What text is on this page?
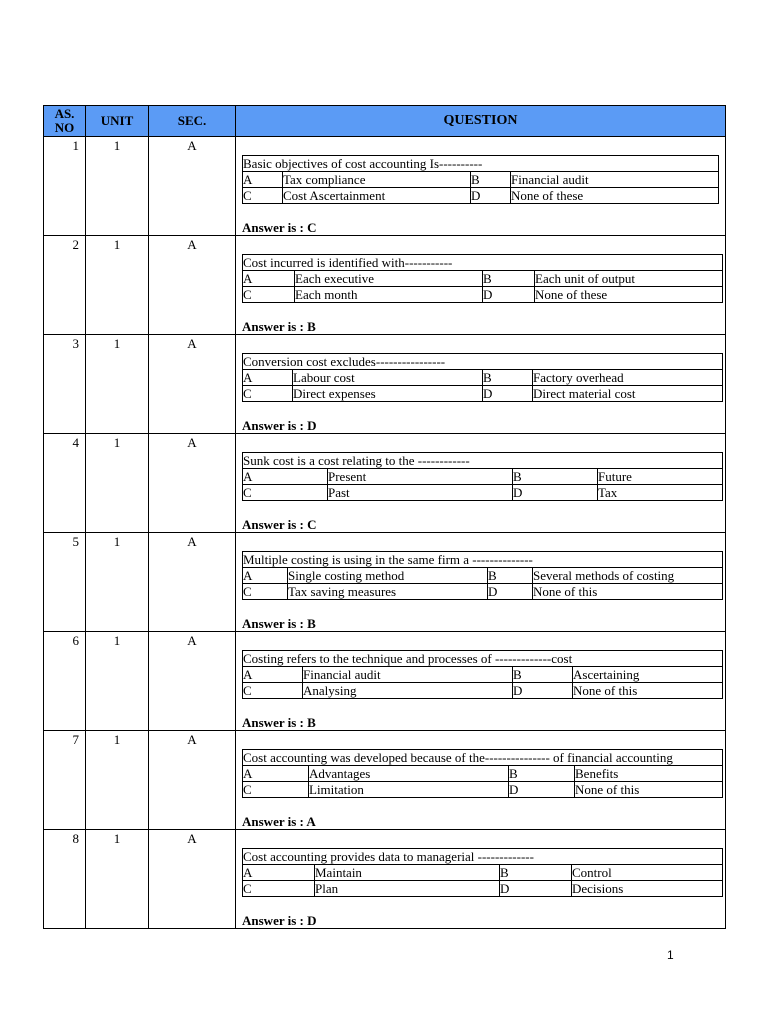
AS.
NO	UNIT	SEC.	QUESTION
1	1	A	
Basic objectives of cost accounting Is----------
A	Tax compliance	B	Financial audit
C	Cost Ascertainment	D	None of these
Answer is : C

2	1	A	
Cost incurred is identified with-----------
A	Each executive	B	Each unit of output
C	Each month	D	None of these
Answer is : B

3	1	A	
Conversion cost excludes----------------
A	Labour cost	B	Factory overhead
C	Direct expenses	D	Direct material cost
Answer is : D

4	1	A	
Sunk cost is a cost relating to the ------------
A	Present	B	Future
C	Past	D	Tax
Answer is : C

5	1	A	
Multiple costing is using in the same firm a --------------
A	Single costing method	B	Several methods of costing
C	Tax saving measures	D	None of this
Answer is : B

6	1	A	
Costing refers to the technique and processes of -------------cost
A	Financial audit	B	Ascertaining
C	Analysing	D	None of this
Answer is : B

7	1	A	
Cost accounting was developed because of the--------------- of financial accounting
A	Advantages	B	Benefits
C	Limitation	D	None of this
Answer is : A

8	1	A	
Cost accounting provides data to managerial -------------
A	Maintain	B	Control
C	Plan	D	Decisions
Answer is : D
1
